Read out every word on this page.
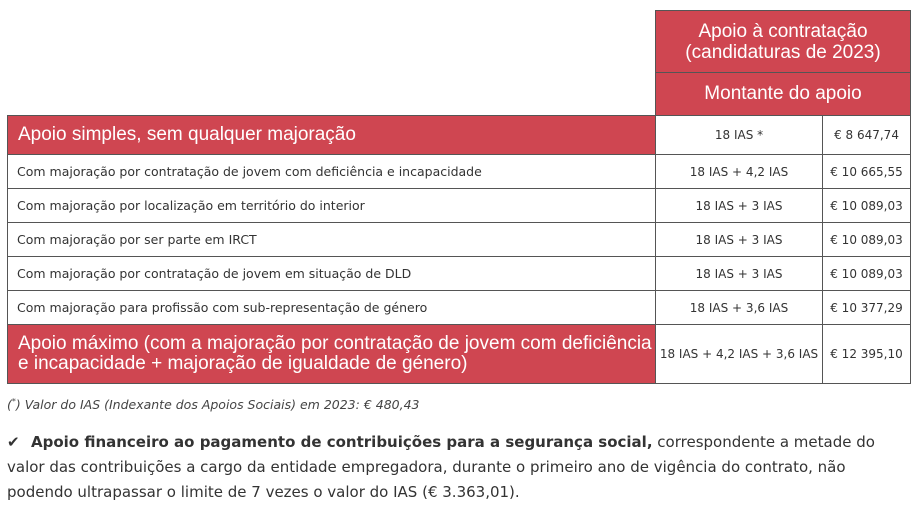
	Apoio à contratação (candidaturas de 2023)	
	Montante do apoio	
Apoio simples, sem qualquer majoração	18 IAS *	€ 8 647,74
Com majoração por contratação de jovem com deficiência e incapacidade	18 IAS + 4,2 IAS	€ 10 665,55
Com majoração por localização em território do interior	18 IAS + 3 IAS	€ 10 089,03
Com majoração por ser parte em IRCT	18 IAS + 3 IAS	€ 10 089,03
Com majoração por contratação de jovem em situação de DLD	18 IAS + 3 IAS	€ 10 089,03
Com majoração para profissão com sub-representação de género	18 IAS + 3,6 IAS	€ 10 377,29
Apoio máximo (com a majoração por contratação de jovem com deficiência e incapacidade + majoração de igualdade de género)	18 IAS + 4,2 IAS + 3,6 IAS	€ 12 395,10
(*) Valor do IAS (Indexante dos Apoios Sociais) em 2023: € 480,43
✔ Apoio financeiro ao pagamento de contribuições para a segurança social, correspondente a metade do valor das contribuições a cargo da entidade empregadora, durante o primeiro ano de vigência do contrato, não podendo ultrapassar o limite de 7 vezes o valor do IAS (€ 3.363,01).
